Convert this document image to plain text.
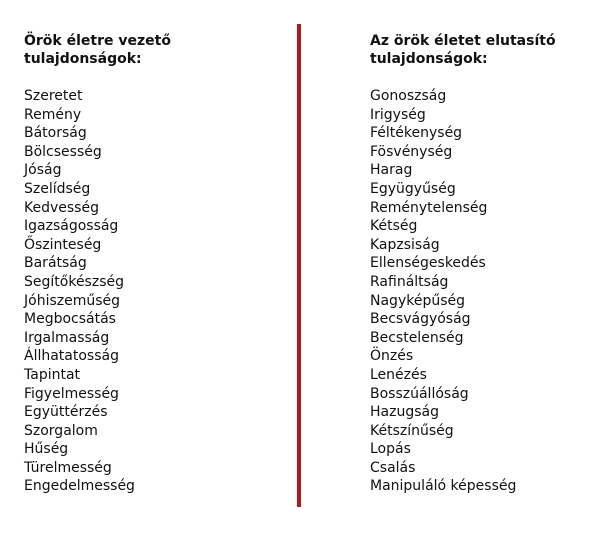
Örök életre vezető
tulajdonságok:
Szeretet
Remény
Bátorság
Bölcsesség
Jóság
Szelídség
Kedvesség
Igazságosság
Őszinteség
Barátság
Segítőkészség
Jóhiszeműség
Megbocsátás
Irgalmasság
Állhatatosság
Tapintat
Figyelmesség
Együttérzés
Szorgalom
Hűség
Türelmesség
Engedelmesség
Az örök életet elutasító
tulajdonságok:
Gonoszság
Irigység
Féltékenység
Fösvénység
Harag
Együgyűség
Reménytelenség
Kétség
Kapzsiság
Ellenségeskedés
Rafináltság
Nagyképűség
Becsvágyóság
Becstelenség
Önzés
Lenézés
Bosszúállóság
Hazugság
Kétszínűség
Lopás
Csalás
Manipuláló képesség
